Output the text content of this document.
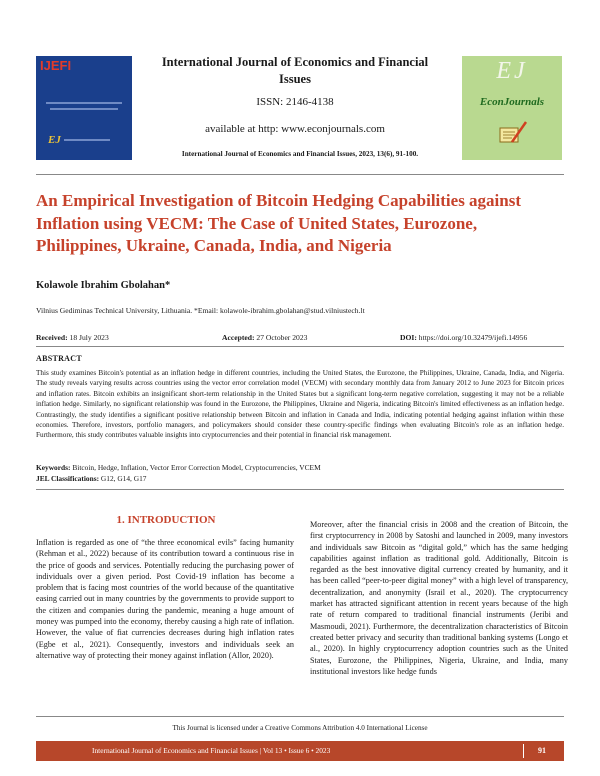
IJEFI
EJ
International Journal of Economics and Financial Issues
ISSN: 2146-4138
available at http: www.econjournals.com
International Journal of Economics and Financial Issues, 2023, 13(6), 91-100.
EJ
EconJournals
An Empirical Investigation of Bitcoin Hedging Capabilities against Inflation using VECM: The Case of United States, Eurozone, Philippines, Ukraine, Canada, India, and Nigeria
Kolawole Ibrahim Gbolahan*
Vilnius Gediminas Technical University, Lithuania. *Email: kolawole-ibrahim.gbolahan@stud.vilniustech.lt
Received: 18 July 2023	Accepted: 27 October 2023	DOI: https://doi.org/10.32479/ijefi.14956
ABSTRACT
This study examines Bitcoin's potential as an inflation hedge in different countries, including the United States, the Eurozone, the Philippines, Ukraine, Canada, India, and Nigeria. The study reveals varying results across countries using the vector error correlation model (VECM) with secondary monthly data from January 2012 to June 2023 for Bitcoin prices and inflation rates. Bitcoin exhibits an insignificant short-term relationship in the United States but a significant long-term negative correlation, suggesting it may not be a reliable inflation hedge. Similarly, no significant relationship was found in the Eurozone, the Philippines, Ukraine and Nigeria, indicating Bitcoin's limited effectiveness as an inflation hedge. Contrastingly, the study identifies a significant positive relationship between Bitcoin and inflation in Canada and India, indicating potential hedging against inflation within these economies. Therefore, investors, portfolio managers, and policymakers should consider these country-specific findings when evaluating Bitcoin's role as an inflation hedge. Furthermore, this study contributes valuable insights into cryptocurrencies and their potential in financial risk management.
Keywords: Bitcoin, Hedge, Inflation, Vector Error Correction Model, Cryptocurrencies, VCEM
JEL Classifications: G12, G14, G17
1. INTRODUCTION
Inflation is regarded as one of “the three economical evils” facing humanity (Rehman et al., 2022) because of its contribution toward a continuous rise in the price of goods and services. Potentially reducing the purchasing power of individuals over a given period. Post Covid-19 inflation has become a problem that is facing most countries of the world because of the quantitative easing carried out in many countries by the governments to provide support to the citizen and companies during the pandemic, meaning a huge amount of money was pumped into the economy, thereby causing a high rate of inflation. However, the value of fiat currencies decreases during high inflation rates (Egbe et al., 2021). Consequently, investors and individuals seek an alternative way of protecting their money against inflation (Allor, 2020).
Moreover, after the financial crisis in 2008 and the creation of Bitcoin, the first cryptocurrency in 2008 by Satoshi and launched in 2009, many investors and individuals saw Bitcoin as “digital gold,” which has the same hedging capabilities against inflation as traditional gold. Additionally, Bitcoin is regarded as the best innovative digital currency created by humanity, and it has been called “peer-to-peer digital money” with a high level of transparency, decentralization, and anonymity (Israil et al., 2020). The cryptocurrency market has attracted significant attention in recent years because of the high rate of return compared to traditional financial instruments (Jeribi and Masmoudi, 2021). Furthermore, the decentralization characteristics of Bitcoin created better privacy and security than traditional banking systems (Longo et al., 2020). In highly cryptocurrency adoption countries such as the United States, Eurozone, the Philippines, Nigeria, Ukraine, and India, many institutional investors like hedge funds
This Journal is licensed under a Creative Commons Attribution 4.0 International License
International Journal of Economics and Financial Issues | Vol 13 • Issue 6 • 2023	91
